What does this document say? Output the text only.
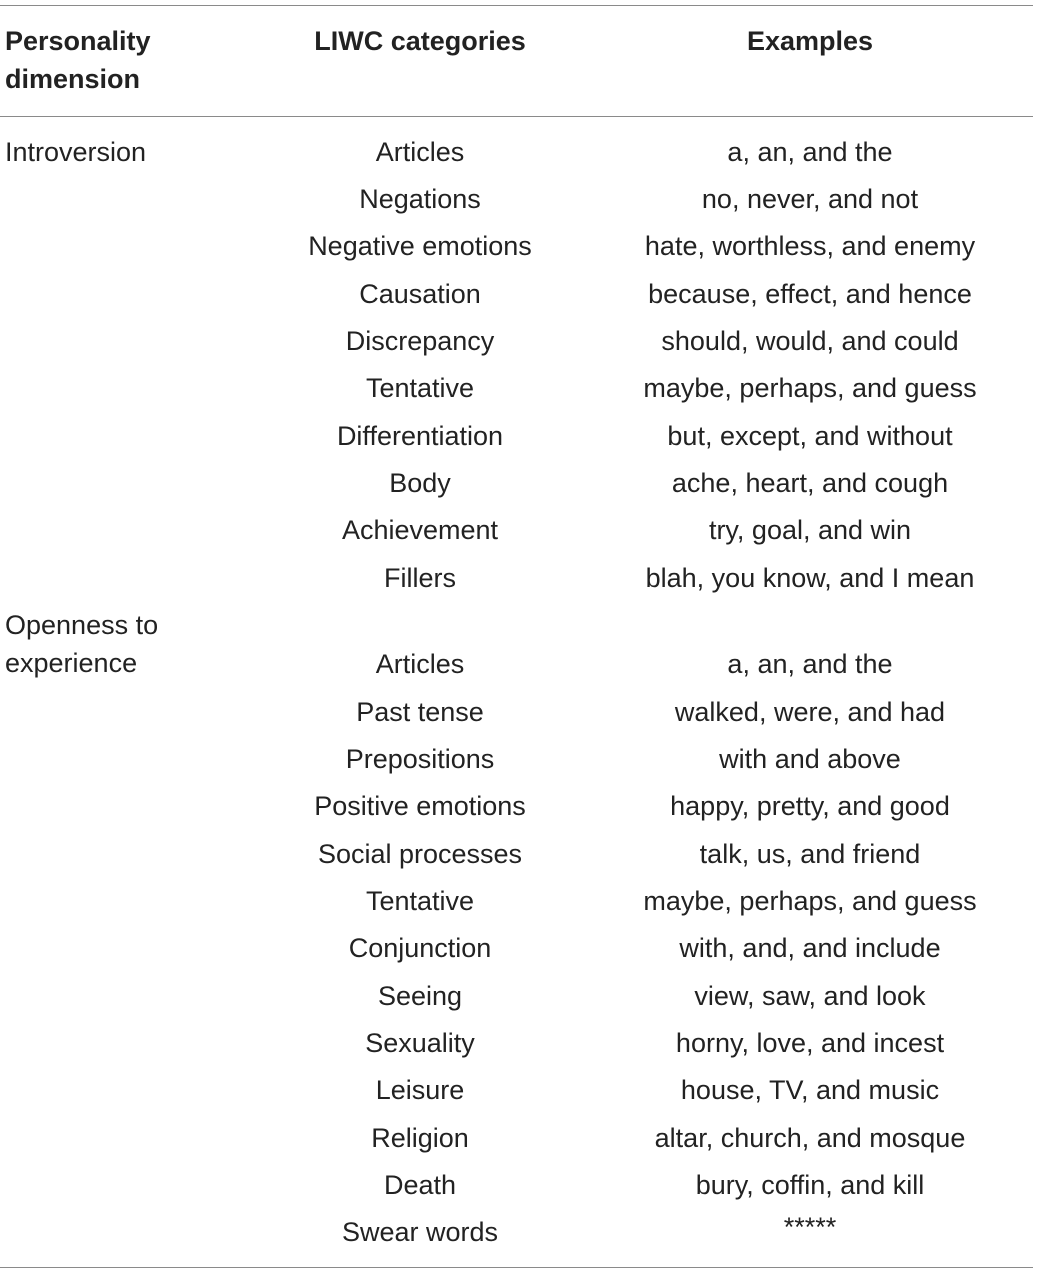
Personality
dimension
LIWC categories	Examples
Introversion	Articles	a, an, and the
Negations	no, never, and not
Negative emotions	hate, worthless, and enemy
Causation	because, effect, and hence
Discrepancy	should, would, and could
Tentative	maybe, perhaps, and guess
Differentiation	but, except, and without
Body	ache, heart, and cough
Achievement	try, goal, and win
Fillers	blah, you know, and I mean
Openness to
experience	Articles	a, an, and the
Past tense	walked, were, and had
Prepositions	with and above
Positive emotions	happy, pretty, and good
Social processes	talk, us, and friend
Tentative	maybe, perhaps, and guess
Conjunction	with, and, and include
Seeing	view, saw, and look
Sexuality	horny, love, and incest
Leisure	house, TV, and music
Religion	altar, church, and mosque
Death	bury, coffin, and kill
Swear words	*****
